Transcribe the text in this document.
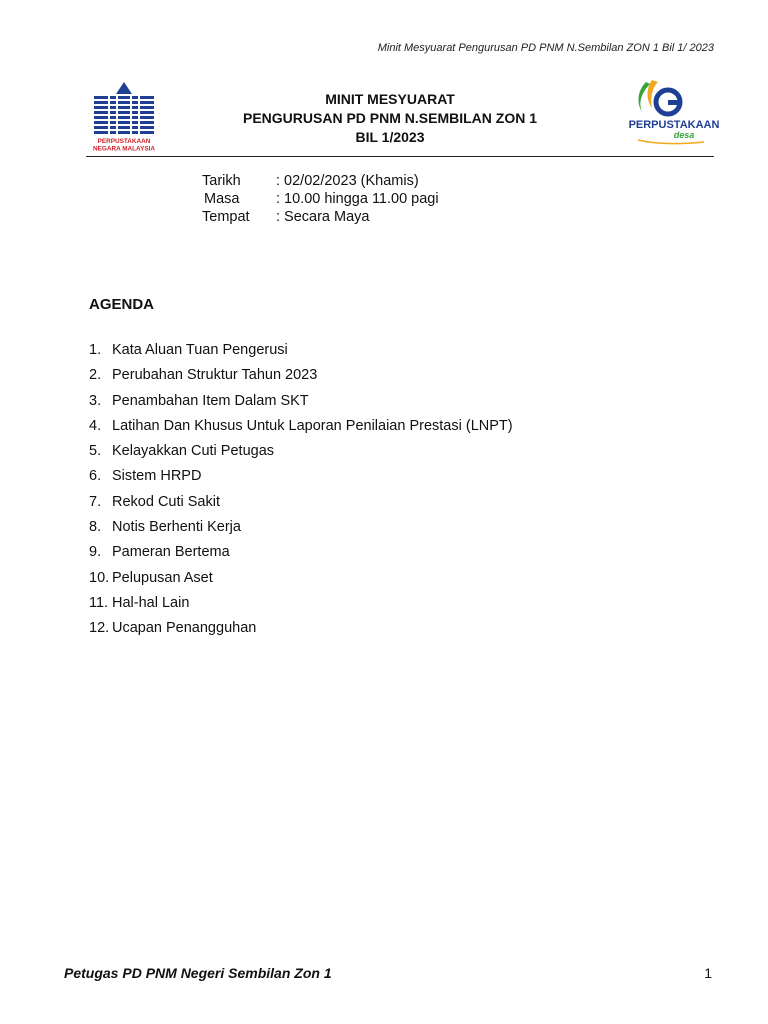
Minit Mesyuarat Pengurusan PD PNM N.Sembilan ZON 1 Bil 1/ 2023
PERPUSTAKAAN
NEGARA MALAYSIA
PERPUSTAKAAN
desa
MINIT MESYUARAT
PENGURUSAN PD PNM N.SEMBILAN ZON 1
BIL 1/2023
Tarikh	: 02/02/2023 (Khamis)
Masa	: 10.00 hingga 11.00 pagi
Tempat	: Secara Maya
AGENDA
1. Kata Aluan Tuan Pengerusi
2. Perubahan Struktur Tahun 2023
3. Penambahan Item Dalam SKT
4. Latihan Dan Khusus Untuk Laporan Penilaian Prestasi (LNPT)
5. Kelayakkan Cuti Petugas
6. Sistem HRPD
7. Rekod Cuti Sakit
8. Notis Berhenti Kerja
9. Pameran Bertema
10. Pelupusan Aset
11. Hal-hal Lain
12. Ucapan Penangguhan
Petugas PD PNM Negeri Sembilan Zon 1	1
